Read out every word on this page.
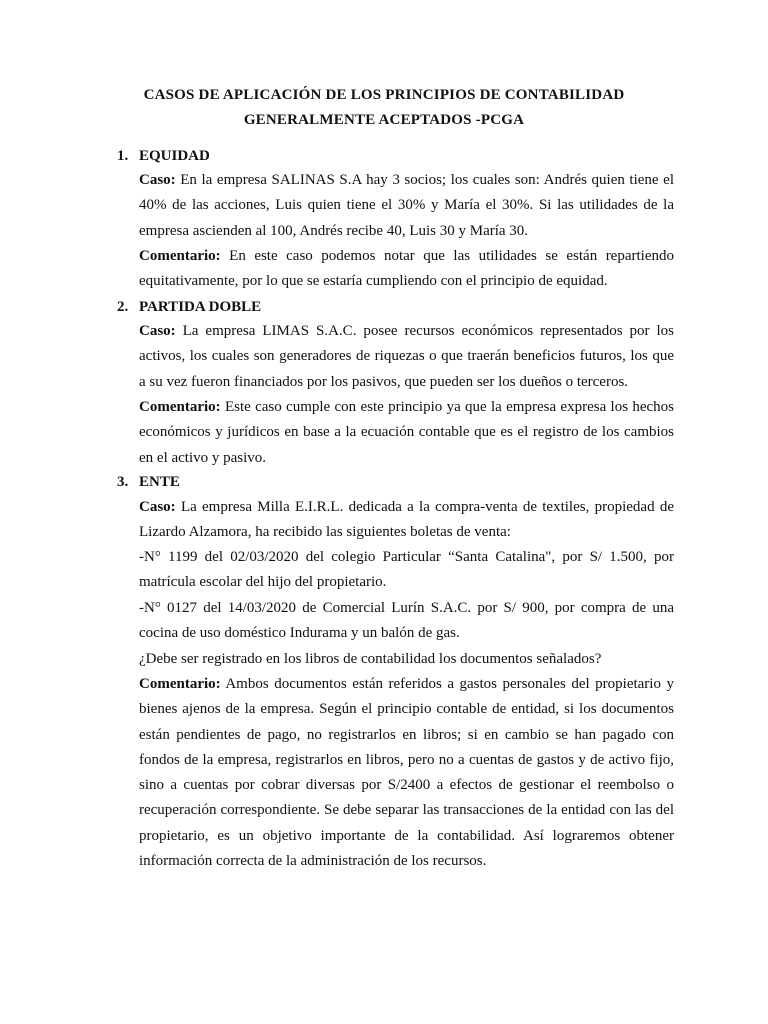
CASOS DE APLICACIÓN DE LOS PRINCIPIOS DE CONTABILIDAD
GENERALMENTE ACEPTADOS -PCGA
1. EQUIDAD
Caso: En la empresa SALINAS S.A hay 3 socios; los cuales son: Andrés quien tiene el 40% de las acciones, Luis quien tiene el 30% y María el 30%. Si las utilidades de la empresa ascienden al 100, Andrés recibe 40, Luis 30 y María 30.
Comentario: En este caso podemos notar que las utilidades se están repartiendo equitativamente, por lo que se estaría cumpliendo con el principio de equidad.
2. PARTIDA DOBLE
Caso: La empresa LIMAS S.A.C. posee recursos económicos representados por los activos, los cuales son generadores de riquezas o que traerán beneficios futuros, los que a su vez fueron financiados por los pasivos, que pueden ser los dueños o terceros.
Comentario: Este caso cumple con este principio ya que la empresa expresa los hechos económicos y jurídicos en base a la ecuación contable que es el registro de los cambios en el activo y pasivo.
3. ENTE
Caso: La empresa Milla E.I.R.L. dedicada a la compra-venta de textiles, propiedad de Lizardo Alzamora, ha recibido las siguientes boletas de venta:
-N° 1199 del 02/03/2020 del colegio Particular “Santa Catalina", por S/ 1.500, por matrícula escolar del hijo del propietario.
-N° 0127 del 14/03/2020 de Comercial Lurín S.A.C. por S/ 900, por compra de una cocina de uso doméstico Indurama y un balón de gas.
¿Debe ser registrado en los libros de contabilidad los documentos señalados?
Comentario: Ambos documentos están referidos a gastos personales del propietario y bienes ajenos de la empresa. Según el principio contable de entidad, si los documentos están pendientes de pago, no registrarlos en libros; si en cambio se han pagado con fondos de la empresa, registrarlos en libros, pero no a cuentas de gastos y de activo fijo, sino a cuentas por cobrar diversas por S/2400 a efectos de gestionar el reembolso o recuperación correspondiente. Se debe separar las transacciones de la entidad con las del propietario, es un objetivo importante de la contabilidad. Así lograremos obtener información correcta de la administración de los recursos.
